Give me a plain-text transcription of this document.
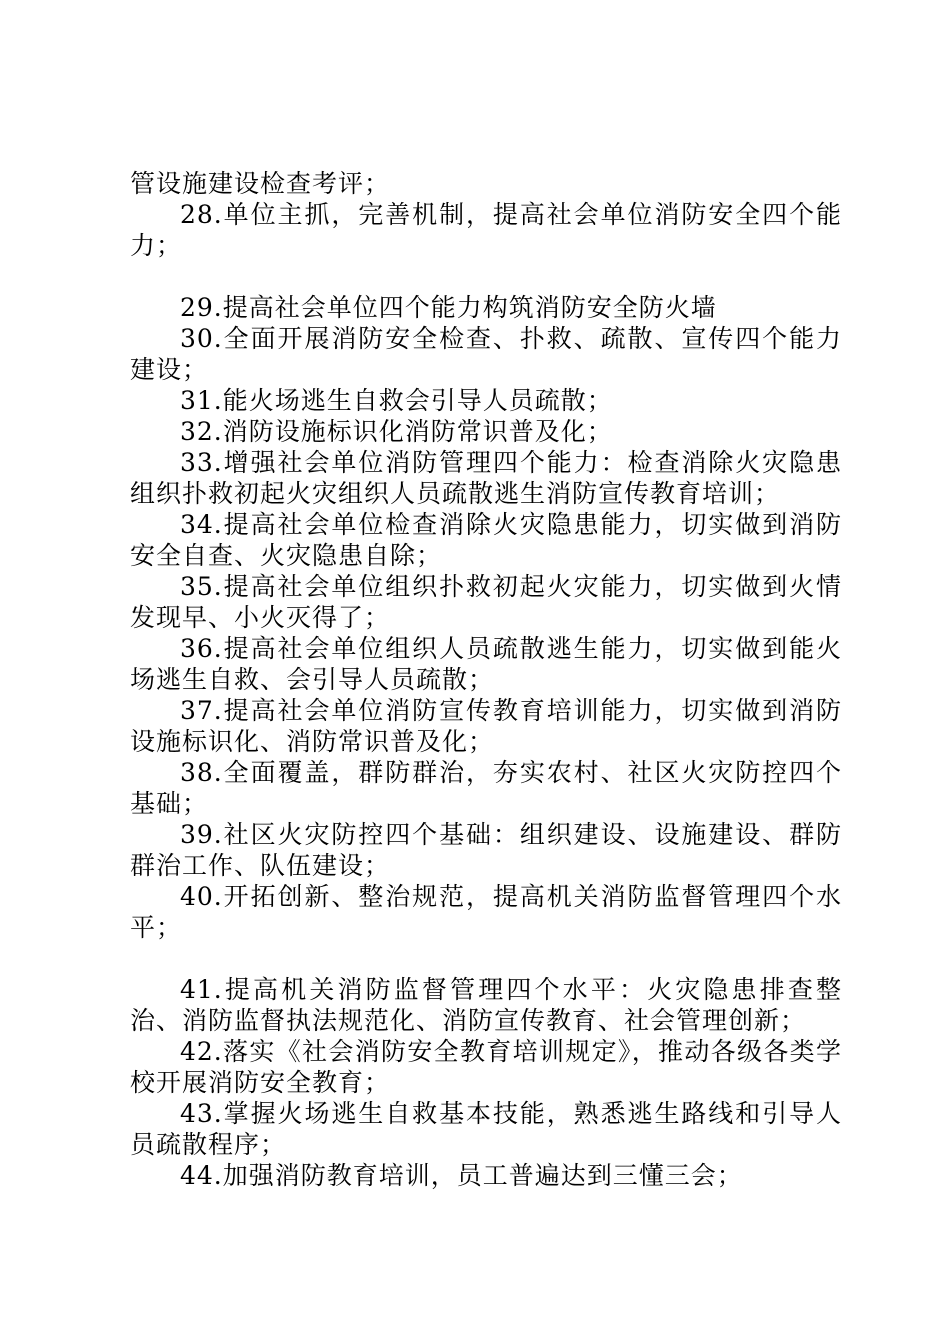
管设施建设检查考评；

28.单位主抓，完善机制，提高社会单位消防安全四个能力；

29.提高社会单位四个能力构筑消防安全防火墙

30.全面开展消防安全检查、扑救、疏散、宣传四个能力建设；

31.能火场逃生自救会引导人员疏散；

32.消防设施标识化消防常识普及化；

33.增强社会单位消防管理四个能力：检查消除火灾隐患组织扑救初起火灾组织人员疏散逃生消防宣传教育培训；

34.提高社会单位检查消除火灾隐患能力，切实做到消防安全自查、火灾隐患自除；

35.提高社会单位组织扑救初起火灾能力，切实做到火情发现早、小火灭得了；

36.提高社会单位组织人员疏散逃生能力，切实做到能火场逃生自救、会引导人员疏散；

37.提高社会单位消防宣传教育培训能力，切实做到消防设施标识化、消防常识普及化；

38.全面覆盖，群防群治，夯实农村、社区火灾防控四个基础；

39.社区火灾防控四个基础：组织建设、设施建设、群防群治工作、队伍建设；

40.开拓创新、整治规范，提高机关消防监督管理四个水平；

41.提高机关消防监督管理四个水平：火灾隐患排查整治、消防监督执法规范化、消防宣传教育、社会管理创新；

42.落实《社会消防安全教育培训规定》，推动各级各类学校开展消防安全教育；

43.掌握火场逃生自救基本技能，熟悉逃生路线和引导人员疏散程序；

44.加强消防教育培训，员工普遍达到三懂三会；
